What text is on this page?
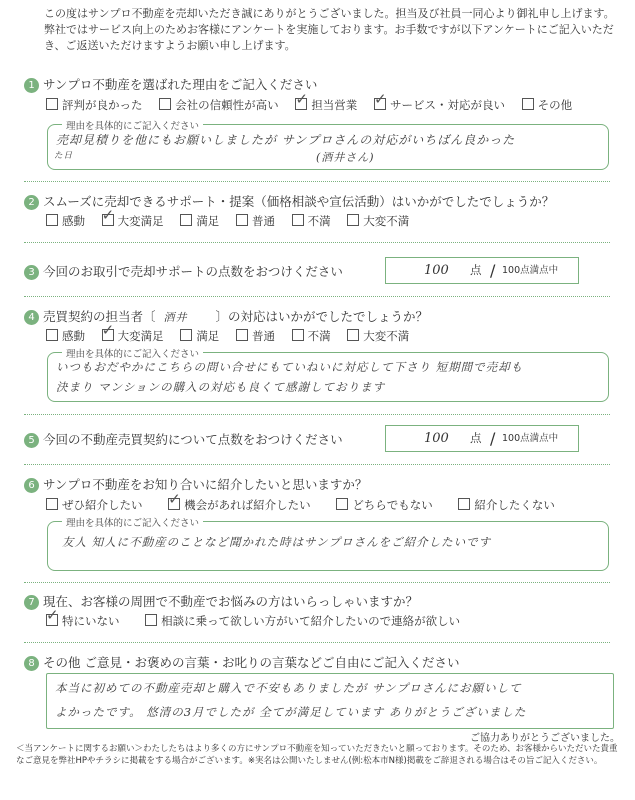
この度はサンプロ不動産を売却いただき誠にありがとうございました。担当及び社員一同心より御礼申し上げます。弊社ではサービス向上のためお客様にアンケートを実施しております。お手数ですが以下アンケートにご記入いただき、ご返送いただけますようお願い申し上げます。

1 サンプロ不動産を選ばれた理由をご記入ください
評判が良かった	会社の信頼性が高い ✓ 担当営業 ✓ サービス・対応が良い	その他
理由を具体的にご記入ください
売却見積りを他にもお願いしましたが サンプロさんの対応がいちばん良かった
た日	(酒井さん)
2 スムーズに売却できるサポート・提案（価格相談や宣伝活動）はいかがでしたでしょうか？
感動 ✓ 大変満足	満足	普通	不満	大変不満
3 今回のお取引で売却サポートの点数をおつけください	100 点 / 100点満点中
4 売買契約の担当者〔 酒井 〕の対応はいかがでしたでしょうか？
感動 ✓ 大変満足	満足	普通	不満	大変不満
理由を具体的にご記入ください
いつもおだやかにこちらの問い合せにもていねいに対応して下さり 短期間で売却も
決まり マンションの購入の対応も良くて感謝しております
5 今回の不動産売買契約について点数をおつけください	100 点 / 100点満点中
6 サンプロ不動産をお知り合いに紹介したいと思いますか？
ぜひ紹介したい ✓ 機会があれば紹介したい	どちらでもない	紹介したくない
理由を具体的にご記入ください
友人 知人に不動産のことなど聞かれた時はサンプロさんをご紹介したいです
7 現在、お客様の周囲で不動産でお悩みの方はいらっしゃいますか？
✓ 特にいない	相談に乗って欲しい方がいて紹介したいので連絡が欲しい
8 その他 ご意見・お褒めの言葉・お叱りの言葉などご自由にご記入ください
本当に初めての不動産売却と購入で不安もありましたが サンプロさんにお願いして
よかったです。 悠清の3月でしたが 全てが満足しています ありがとうございました
ご協力ありがとうございました。

＜当アンケートに関するお願い＞わたしたちはより多くの方にサンプロ不動産を知っていただきたいと願っております。そのため、お客様からいただいた貴重なご意見を弊社HPやチラシに掲載をする場合がございます。※実名は公開いたしません(例:松本市N様)掲載をご辞退される場合はその旨ご記入ください。
